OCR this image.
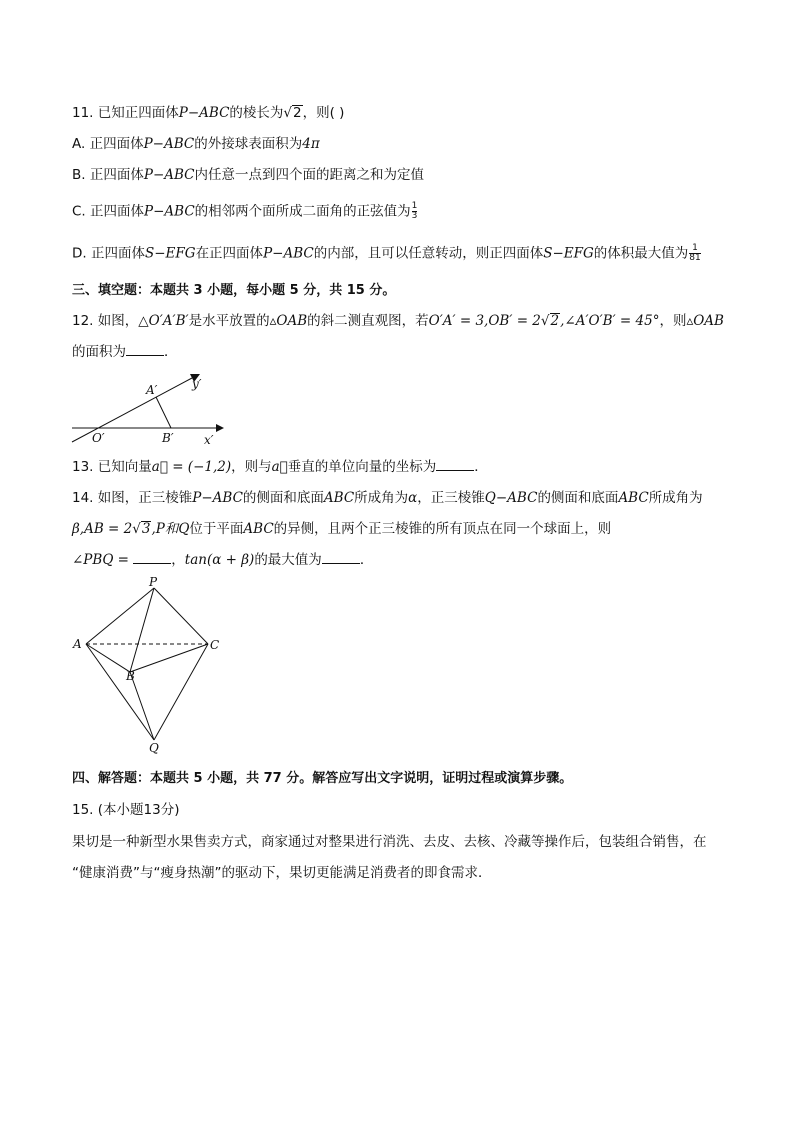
11. 已知正四面体P−ABC的棱长为√2，则( )
A. 正四面体P−ABC的外接球表面积为4π
B. 正四面体P−ABC内任意一点到四个面的距离之和为定值
C. 正四面体P−ABC的相邻两个面所成二面角的正弦值为 $\frac{1}{3}$
D. 正四面体S−EFG在正四面体P−ABC的内部，且可以任意转动，则正四面体S−EFG的体积最大值为 $\frac{1}{81}$
三、填空题：本题共 3 小题，每小题 5 分，共 15 分。
12. 如图，△O′A′B′是水平放置的▵OAB的斜二测直观图，若O′A′ = 3,OB′ = 2√2,∠A′O′B′ = 45°，则▵OAB
的面积为	．
A′	y′
O′	B′	x′
13. 已知向量a⃗ = (−1,2)，则与a⃗垂直的单位向量的坐标为	．
14. 如图，正三棱锥P−ABC的侧面和底面ABC所成角为α，正三棱锥Q−ABC的侧面和底面ABC所成角为
β,AB = 2√3,P和Q位于平面ABC的异侧，且两个正三棱锥的所有顶点在同一个球面上，则
∠PBQ =	，tan(α + β)的最大值为	．
P
A	C
B
Q
四、解答题：本题共 5 小题，共 77 分。解答应写出文字说明，证明过程或演算步骤。
15. (本小题13分)
果切是一种新型水果售卖方式，商家通过对整果进行消洗、去皮、去核、冷藏等操作后，包装组合销售，在
“健康消费”与“瘦身热潮”的驱动下，果切更能满足消费者的即食需求．
